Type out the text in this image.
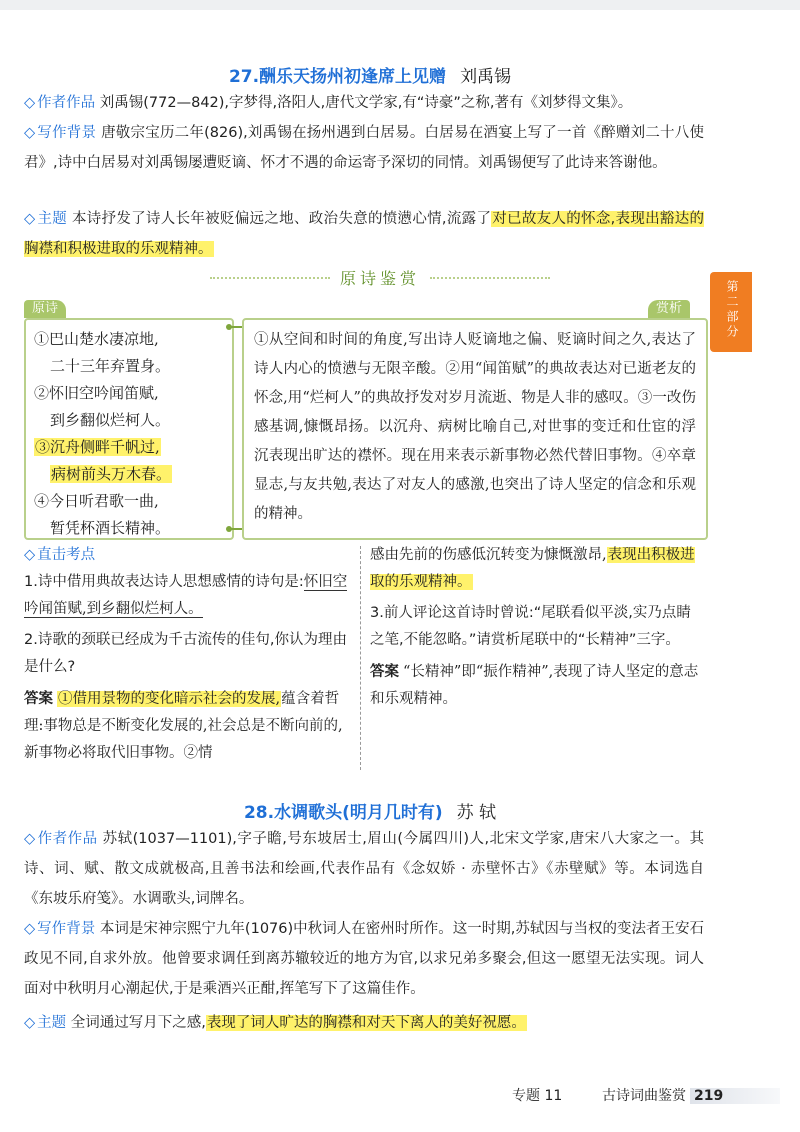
27.酬乐天扬州初逢席上见赠 刘禹锡
◇ 作者作品 刘禹锡(772—842),字梦得,洛阳人,唐代文学家,有“诗豪”之称,著有《刘梦得文集》。
◇ 写作背景 唐敬宗宝历二年(826),刘禹锡在扬州遇到白居易。白居易在酒宴上写了一首《醉赠刘二十八使君》,诗中白居易对刘禹锡屡遭贬谪、怀才不遇的命运寄予深切的同情。刘禹锡便写了此诗来答谢他。
◇ 主题 本诗抒发了诗人长年被贬偏远之地、政治失意的愤懑心情,流露了对已故友人的怀念,表现出豁达的胸襟和积极进取的乐观精神。
原诗鉴赏
原诗	赏析
①巴山楚水凄凉地,
二十三年弃置身。
②怀旧空吟闻笛赋,
到乡翻似烂柯人。
③沉舟侧畔千帆过,
病树前头万木春。
④今日听君歌一曲,
暂凭杯酒长精神。
①从空间和时间的角度,写出诗人贬谪地之偏、贬谪时间之久,表达了诗人内心的愤懑与无限辛酸。②用“闻笛赋”的典故表达对已逝老友的怀念,用“烂柯人”的典故抒发对岁月流逝、物是人非的感叹。③一改伤感基调,慷慨昂扬。以沉舟、病树比喻自己,对世事的变迁和仕宦的浮沉表现出旷达的襟怀。现在用来表示新事物必然代替旧事物。④卒章显志,与友共勉,表达了对友人的感激,也突出了诗人坚定的信念和乐观的精神。
◇ 直击考点
1.诗中借用典故表达诗人思想感情的诗句是:怀旧空吟闻笛赋,到乡翻似烂柯人。
2.诗歌的颈联已经成为千古流传的佳句,你认为理由是什么?
答案 ①借用景物的变化暗示社会的发展,蕴含着哲理:事物总是不断变化发展的,社会总是不断向前的,新事物必将取代旧事物。②情
感由先前的伤感低沉转变为慷慨激昂,表现出积极进取的乐观精神。
3.前人评论这首诗时曾说:“尾联看似平淡,实乃点睛之笔,不能忽略。”请赏析尾联中的“长精神”三字。
答案 “长精神”即“振作精神”,表现了诗人坚定的意志和乐观精神。
28.水调歌头(明月几时有) 苏 轼
◇ 作者作品 苏轼(1037—1101),字子瞻,号东坡居士,眉山(今属四川)人,北宋文学家,唐宋八大家之一。其诗、词、赋、散文成就极高,且善书法和绘画,代表作品有《念奴娇 · 赤壁怀古》《赤壁赋》等。本词选自《东坡乐府笺》。水调歌头,词牌名。
◇ 写作背景 本词是宋神宗熙宁九年(1076)中秋词人在密州时所作。这一时期,苏轼因与当权的变法者王安石政见不同,自求外放。他曾要求调任到离苏辙较近的地方为官,以求兄弟多聚会,但这一愿望无法实现。词人面对中秋明月心潮起伏,于是乘酒兴正酣,挥笔写下了这篇佳作。
◇ 主题 全词通过写月下之感,表现了词人旷达的胸襟和对天下离人的美好祝愿。
第二部分
专题 11	古诗词曲鉴赏 219
